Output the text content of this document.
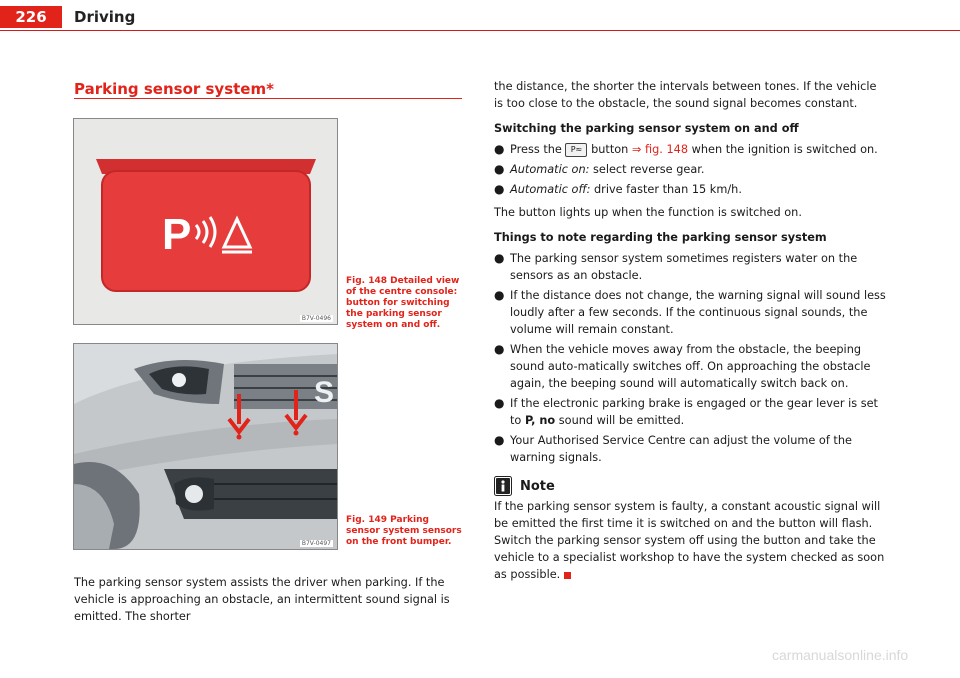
226	Driving
Parking sensor system*
P
B7V-0496
Fig. 148 Detailed view of the centre console: button for switching the parking sensor system on and off.
S
B7V-0497
Fig. 149 Parking sensor system sensors on the front bumper.
The parking sensor system assists the driver when parking. If the vehicle is approaching an obstacle, an intermittent sound signal is emitted. The shorter

the distance, the shorter the intervals between tones. If the vehicle is too close to the obstacle, the sound signal becomes constant.

Switching the parking sensor system on and off

● Press the P≈ button ⇒ fig. 148 when the ignition is switched on.

● Automatic on: select reverse gear.

● Automatic off: drive faster than 15 km/h.

The button lights up when the function is switched on.

Things to note regarding the parking sensor system

● The parking sensor system sometimes registers water on the sensors as an obstacle.

● If the distance does not change, the warning signal will sound less loudly after a few seconds. If the continuous signal sounds, the volume will remain constant.

● When the vehicle moves away from the obstacle, the beeping sound auto-matically switches off. On approaching the obstacle again, the beeping sound will automatically switch back on.

● If the electronic parking brake is engaged or the gear lever is set to P, no sound will be emitted.

● Your Authorised Service Centre can adjust the volume of the warning signals.

Note

If the parking sensor system is faulty, a constant acoustic signal will be emitted the first time it is switched on and the button will flash. Switch the parking sensor system off using the button and take the vehicle to a specialist workshop to have the system checked as soon as possible.

carmanualsonline.info
